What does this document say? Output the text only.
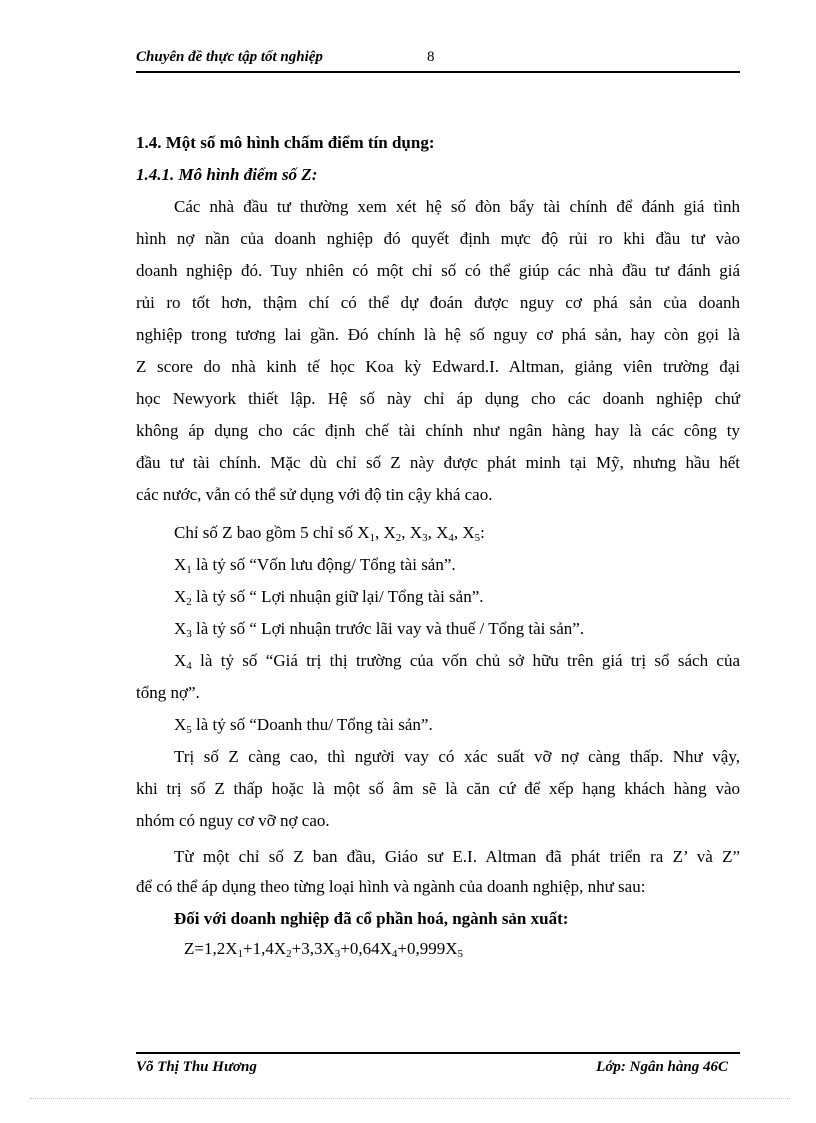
Chuyên đề thực tập tốt nghiệp	8
1.4. Một số mô hình chấm điểm tín dụng:
1.4.1. Mô hình điểm số Z:
Các nhà đầu tư thường xem xét hệ số đòn bẩy tài chính để đánh giá tình
hình nợ nần của doanh nghiệp đó quyết định mực độ rủi ro khi đầu tư vào
doanh nghiệp đó. Tuy nhiên có một chỉ số có thể giúp các nhà đầu tư đánh giá
rủi ro tốt hơn, thậm chí có thể dự đoán được nguy cơ phá sản của doanh
nghiệp trong tương lai gần. Đó chính là hệ số nguy cơ phá sản, hay còn gọi là
Z score do nhà kinh tế học Koa kỳ Edward.I. Altman, giảng viên trường đại
học Newyork thiết lập. Hệ số này chỉ áp dụng cho các doanh nghiệp chứ
không áp dụng cho các định chế tài chính như ngân hàng hay là các công ty
đầu tư tài chính. Mặc dù chỉ số Z này được phát minh tại Mỹ, nhưng hầu hết
các nước, vẫn có thể sử dụng với độ tin cậy khá cao.
Chỉ số Z bao gồm 5 chỉ số $X_1$, $X_2$, $X_3$, $X_4$, $X_5$:
$X_1$ là tỷ số “Vốn lưu động/ Tổng tài sản”.
$X_2$ là tỷ số “ Lợi nhuận giữ lại/ Tổng tài sản”.
$X_3$ là tỷ số “ Lợi nhuận trước lãi vay và thuế / Tổng tài sản”.
$X_4$ là tỷ số “Giá trị thị trường của vốn chủ sở hữu trên giá trị sổ sách của
tổng nợ”.
$X_5$ là tỷ số “Doanh thu/ Tổng tài sản”.
Trị số Z càng cao, thì người vay có xác suất vỡ nợ càng thấp. Như vậy,
khi trị số Z thấp hoặc là một số âm sẽ là căn cứ để xếp hạng khách hàng vào
nhóm có nguy cơ vỡ nợ cao.
Từ một chỉ số Z ban đầu, Giáo sư E.I. Altman đã phát triển ra Z’ và Z”
để có thể áp dụng theo từng loại hình và ngành của doanh nghiệp, như sau:
Đối với doanh nghiệp đã cổ phần hoá, ngành sản xuất:
$Z=1,2X_1+1,4X_2+3,3X_3+0,64X_4+0,999X_5$
Võ Thị Thu Hương	Lớp: Ngân hàng 46C
